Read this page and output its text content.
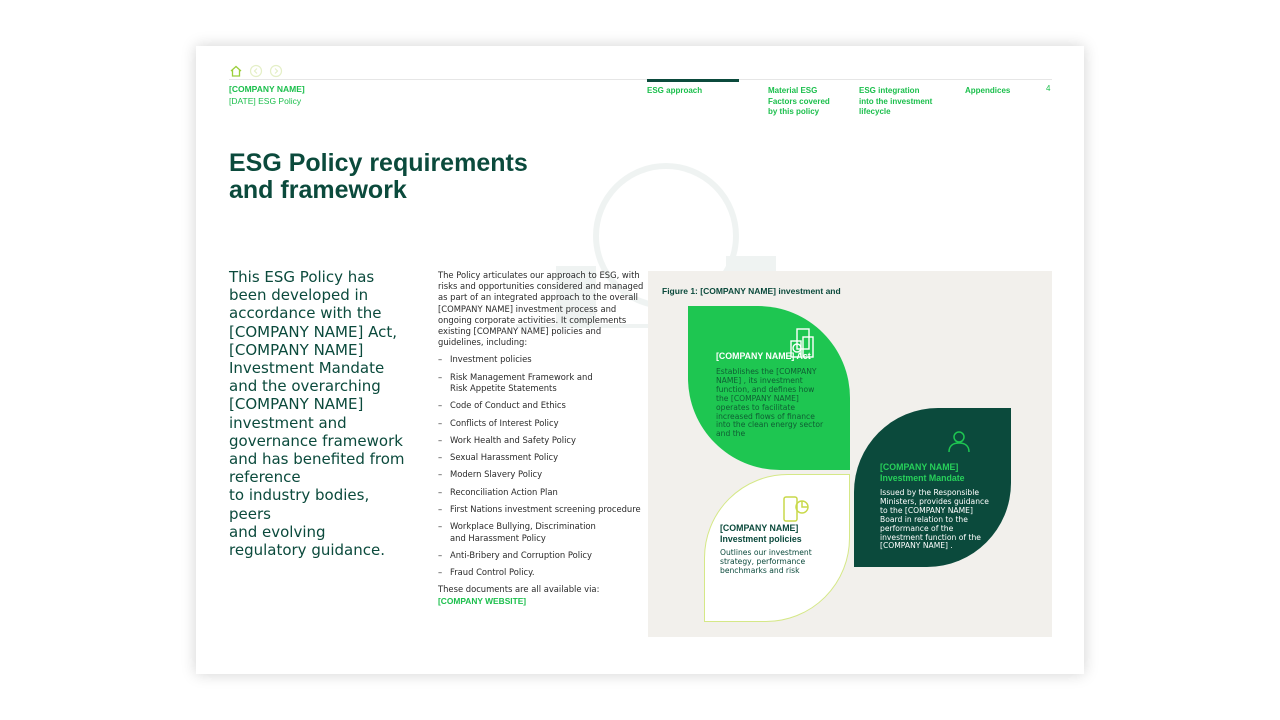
[COMPANY NAME]
[DATE] ESG Policy
ESG approach	Material ESG
Factors covered
by this policy
ESG integration
into the investment
lifecycle
Appendices	4
ESG Policy requirements
and framework
This ESG Policy has
been developed in
accordance with the
[COMPANY NAME] Act,
[COMPANY NAME]
Investment Mandate
and the overarching
[COMPANY NAME]
investment and
governance framework
and has benefited from
reference
to industry bodies, peers
and evolving
regulatory guidance.

The Policy articulates our approach to ESG, with risks and opportunities considered and managed as part of an integrated approach to the overall [COMPANY NAME] investment process and ongoing corporate activities. It complements existing [COMPANY NAME] policies and guidelines, including:

– Investment policies
– Risk Management Framework and
Risk Appetite Statements
– Code of Conduct and Ethics
– Conflicts of Interest Policy
– Work Health and Safety Policy
– Sexual Harassment Policy
– Modern Slavery Policy
– Reconciliation Action Plan
– First Nations investment screening procedure
– Workplace Bullying, Discrimination
and Harassment Policy
– Anti-Bribery and Corruption Policy
– Fraud Control Policy.

These documents are all available via:

[COMPANY WEBSITE]

Figure 1: [COMPANY NAME] investment and
[COMPANY NAME] Act
Establishes the [COMPANY NAME] , its investment function, and defines how the [COMPANY NAME] operates to facilitate increased flows of finance into the clean energy sector and the
[COMPANY NAME]
Investment Mandate
Issued by the Responsible Ministers, provides guidance to the [COMPANY NAME] Board in relation to the performance of the investment function of the [COMPANY NAME] .
[COMPANY NAME]
Investment policies
Outlines our investment strategy, performance benchmarks and risk
